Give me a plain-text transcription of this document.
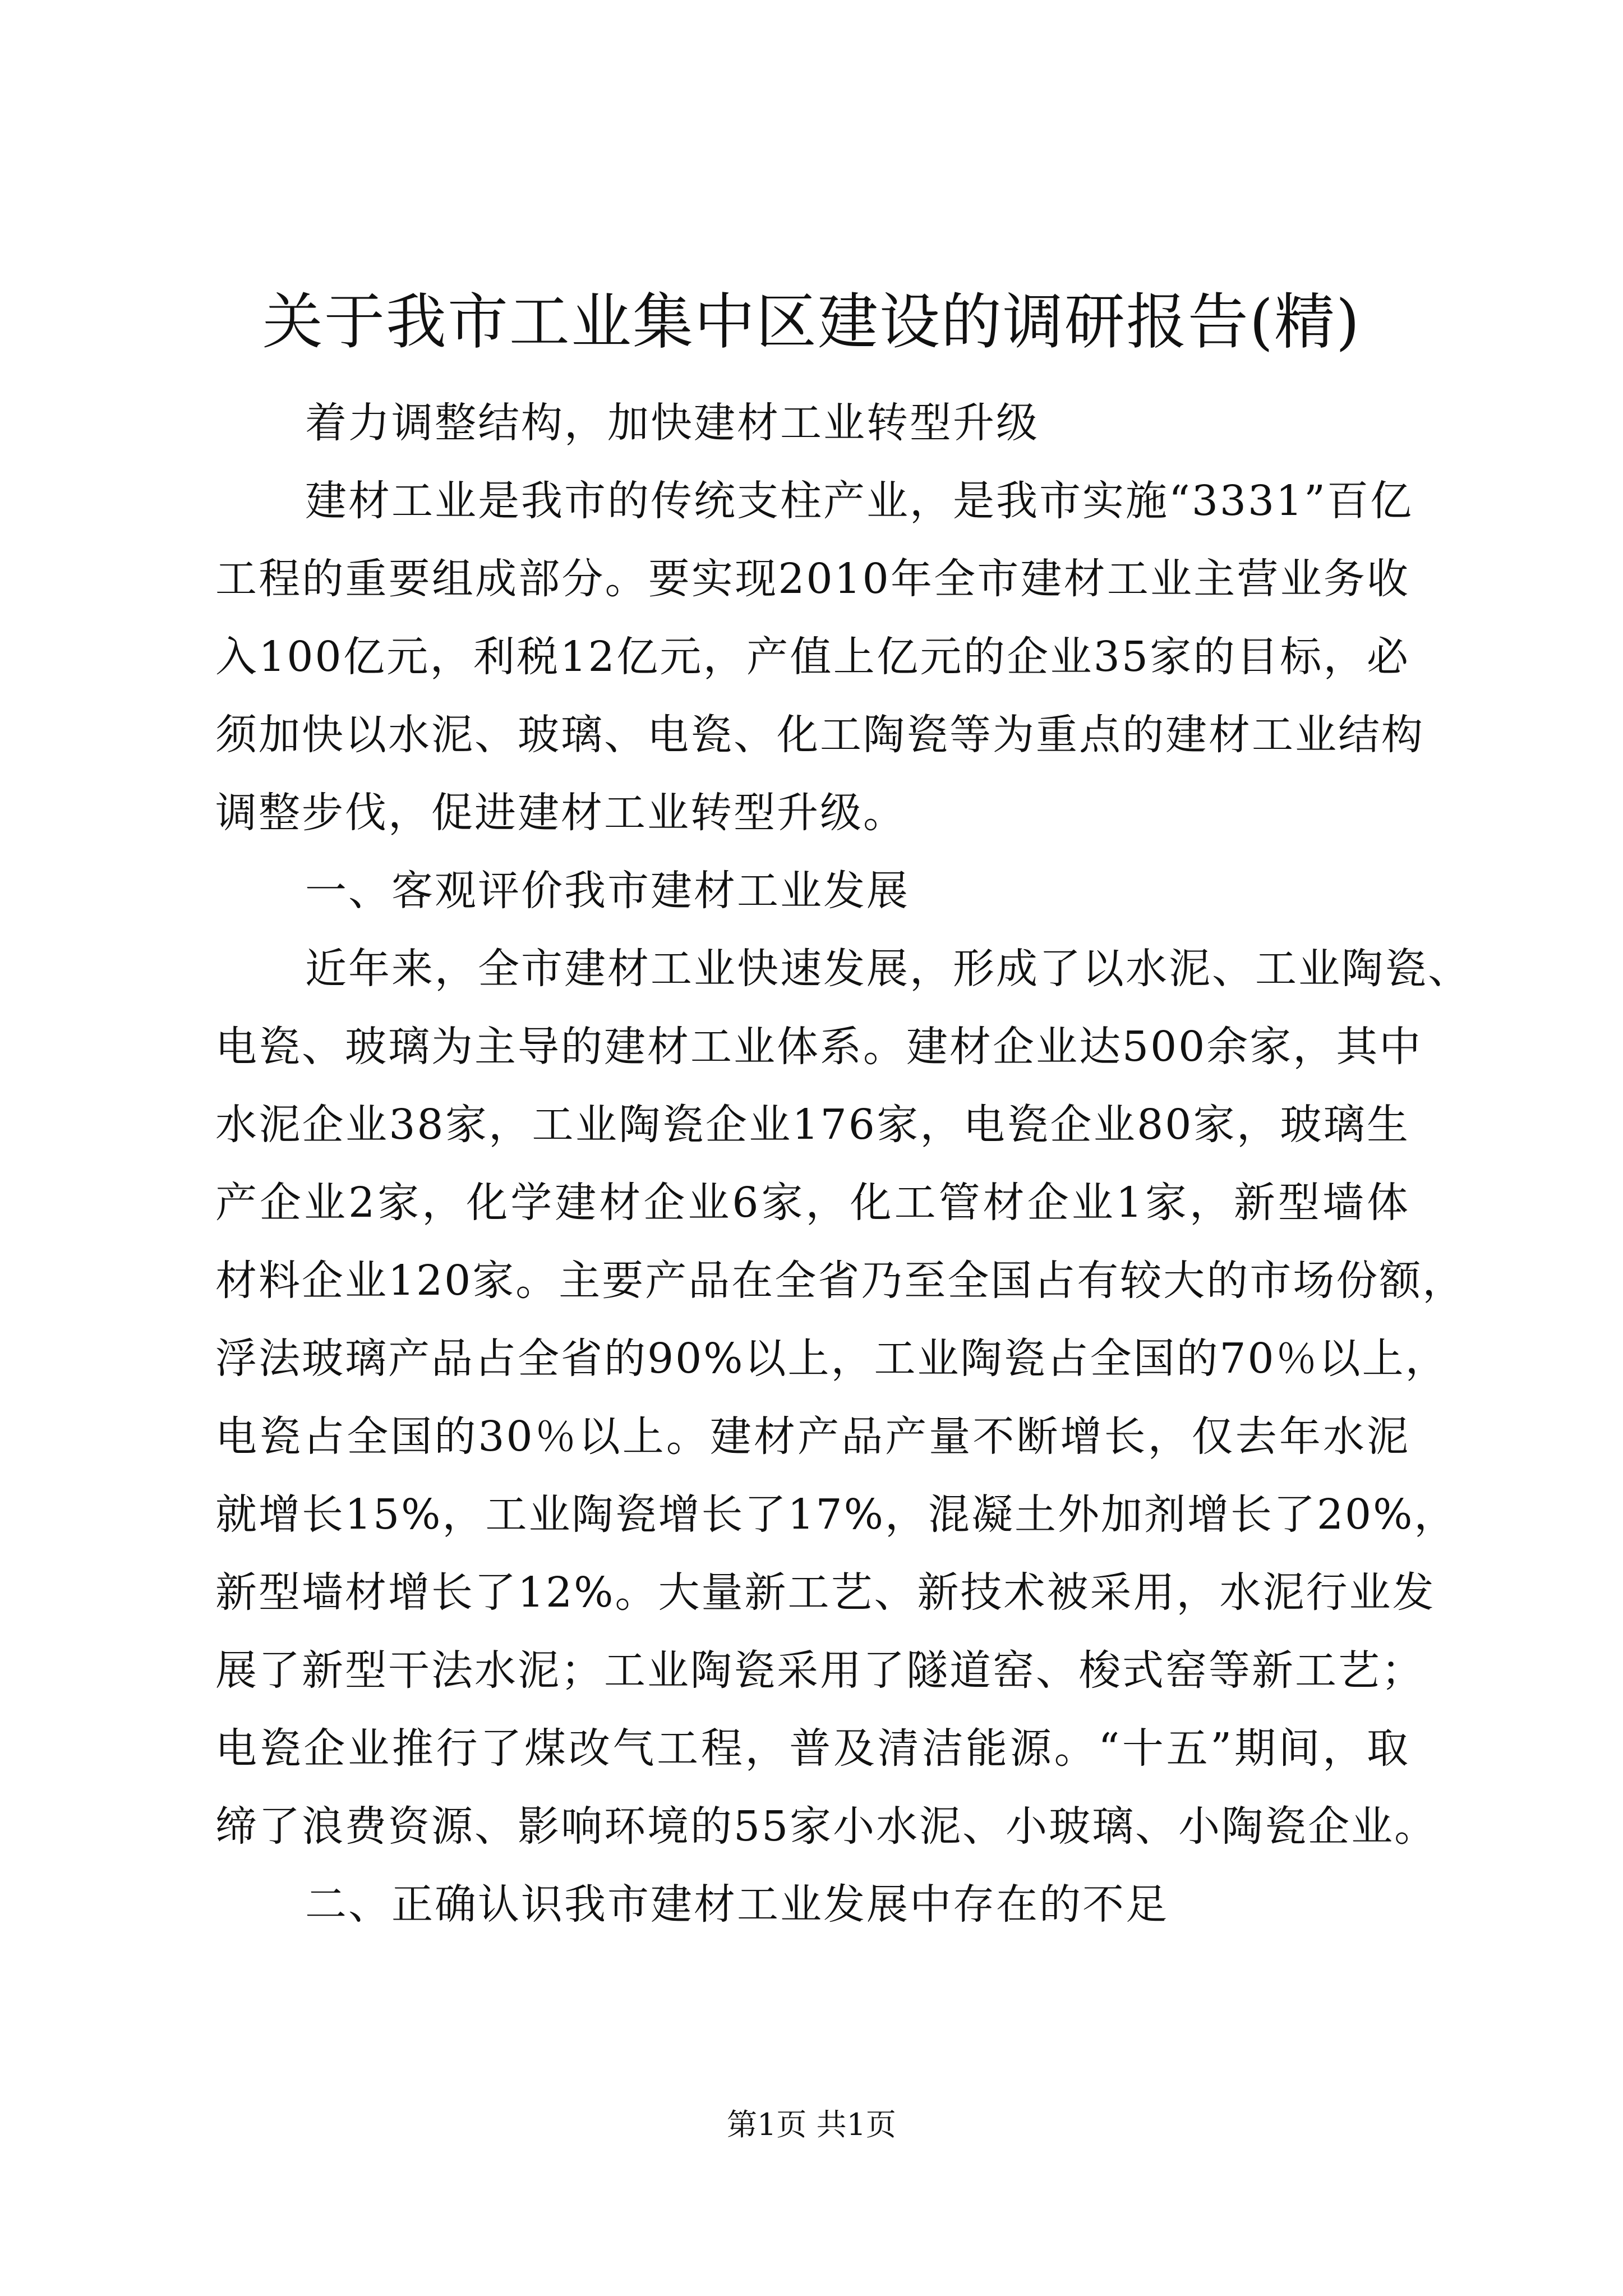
关于我市工业集中区建设的调研报告(精)
着力调整结构，加快建材工业转型升级
建材工业是我市的传统支柱产业，是我市实施“3331”百亿
工程的重要组成部分。要实现2010年全市建材工业主营业务收
入100亿元，利税12亿元，产值上亿元的企业35家的目标，必
须加快以水泥、玻璃、电瓷、化工陶瓷等为重点的建材工业结构
调整步伐，促进建材工业转型升级。
一、客观评价我市建材工业发展
近年来，全市建材工业快速发展，形成了以水泥、工业陶瓷、
电瓷、玻璃为主导的建材工业体系。建材企业达500余家，其中
水泥企业38家，工业陶瓷企业176家，电瓷企业80家，玻璃生
产企业2家，化学建材企业6家，化工管材企业1家，新型墙体
材料企业120家。主要产品在全省乃至全国占有较大的市场份额，
浮法玻璃产品占全省的90%以上，工业陶瓷占全国的70％以上，
电瓷占全国的30％以上。建材产品产量不断增长，仅去年水泥
就增长15%，工业陶瓷增长了17%，混凝土外加剂增长了20%，
新型墙材增长了12%。大量新工艺、新技术被采用，水泥行业发
展了新型干法水泥；工业陶瓷采用了隧道窑、梭式窑等新工艺；
电瓷企业推行了煤改气工程，普及清洁能源。“十五”期间，取
缔了浪费资源、影响环境的55家小水泥、小玻璃、小陶瓷企业。
二、正确认识我市建材工业发展中存在的不足
第1页 共1页
